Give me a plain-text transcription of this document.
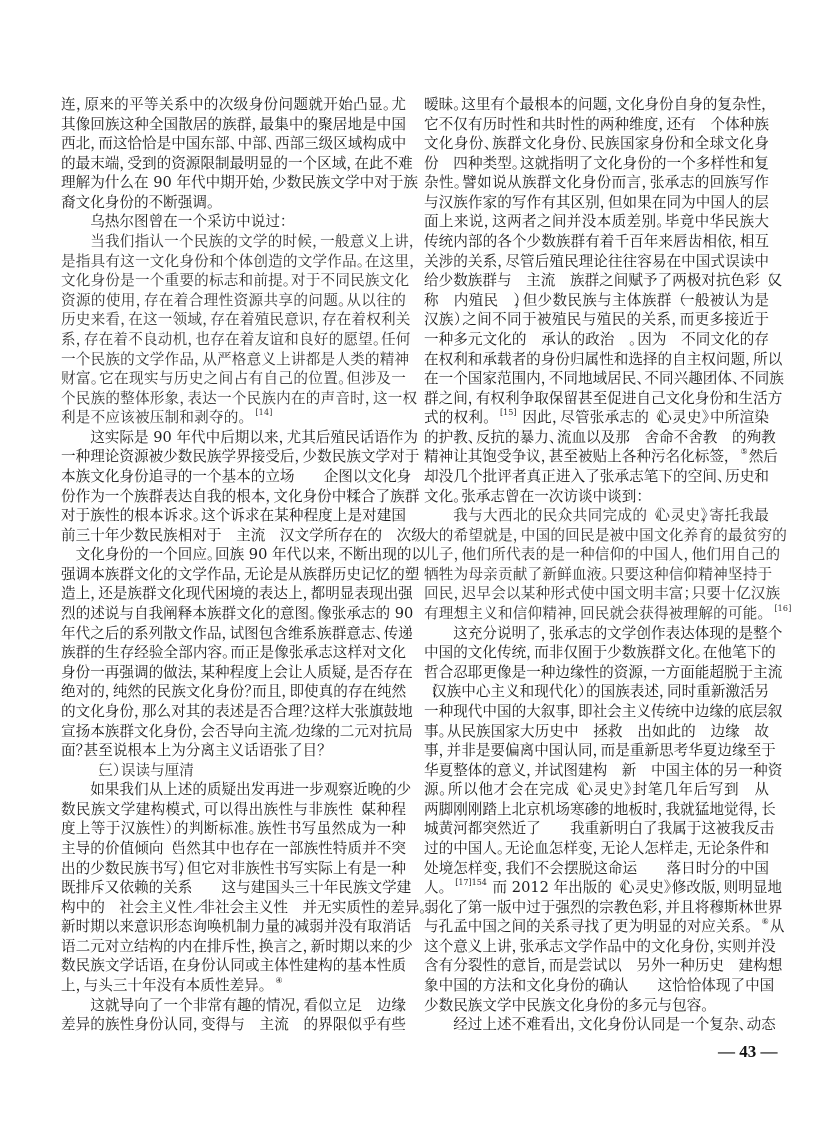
连，原来的平等关系中的次级身份问题就开始凸显。尤
其像回族这种全国散居的族群，最集中的聚居地是中国
西北，而这恰恰是中国东部、中部、西部三级区域构成中
的最末端，受到的资源限制最明显的一个区域，在此不难
理解为什么在 90 年代中期开始，少数民族文学中对于族
裔文化身份的不断强调。
乌热尔图曾在一个采访中说过：
当我们指认一个民族的文学的时候，一般意义上讲，
是指具有这一文化身份和个体创造的文学作品。在这里，
文化身份是一个重要的标志和前提。对于不同民族文化
资源的使用，存在着合理性资源共享的问题。从以往的
历史来看，在这一领域，存在着殖民意识，存在着权利关
系，存在着不良动机，也存在着友谊和良好的愿望。任何
一个民族的文学作品，从严格意义上讲都是人类的精神
财富。它在现实与历史之间占有自己的位置。但涉及一
个民族的整体形象，表达一个民族内在的声音时，这一权
利是不应该被压制和剥夺的。 [14]
这实际是 90 年代中后期以来，尤其后殖民话语作为
一种理论资源被少数民族学界接受后，少数民族文学对于
本族文化身份追寻的一个基本的立场　　企图以文化身
份作为一个族群表达自我的根本，文化身份中糅合了族群
对于族性的根本诉求。这个诉求在某种程度上是对建国
前三十年少数民族相对于　主流　汉文学所存在的　次级
　文化身份的一个回应。回族 90 年代以来，不断出现的以
强调本族群文化的文学作品，无论是从族群历史记忆的塑
造上，还是族群文化现代困境的表达上，都明显表现出强
烈的述说与自我阐释本族群文化的意图。像张承志的 90
年代之后的系列散文作品，试图包含维系族群意志、传递
族群的生存经验全部内容。而正是像张承志这样对文化
身份一再强调的做法，某种程度上会让人质疑，是否存在
绝对的，纯然的民族文化身份？而且，即使真的存在纯然
的文化身份，那么对其的表述是否合理？这样大张旗鼓地
宣扬本族群文化身份，会否导向主流／边缘的二元对抗局
面？甚至说根本上为分离主义话语张了目？
（三）误读与厘清
如果我们从上述的质疑出发再进一步观察近晚的少
数民族文学建构模式，可以得出族性与非族性（某种程
度上等于汉族性）的判断标准。族性书写虽然成为一种
主导的价值倾向（当然其中也存在一部族性特质并不突
出的少数民族书写），但它对非族性书写实际上有是一种
既排斥又依赖的关系　　这与建国头三十年民族文学建
构中的　社会主义性／非社会主义性　并无实质性的差异。
新时期以来意识形态询唤机制力量的减弱并没有取消话
语二元对立结构的内在排斥性，换言之，新时期以来的少
数民族文学话语，在身份认同或主体性建构的基本性质
上，与头三十年没有本质性差异。 ④
这就导向了一个非常有趣的情况，看似立足　边缘
差异的族性身份认同，变得与　主流　的界限似乎有些
暧昧。这里有个最根本的问题，文化身份自身的复杂性，
它不仅有历时性和共时性的两种维度，还有　个体种族
文化身份、族群文化身份、民族国家身份和全球文化身
份　四种类型。这就指明了文化身份的一个多样性和复
杂性。譬如说从族群文化身份而言，张承志的回族写作
与汉族作家的写作有其区别，但如果在同为中国人的层
面上来说，这两者之间并没本质差别。毕竟中华民族大
传统内部的各个少数族群有着千百年来唇齿相依，相互
关涉的关系，尽管后殖民理论往往容易在中国式误读中
给少数族群与　主流　族群之间赋予了两极对抗色彩（又
称　内殖民　），但少数民族与主体族群（一般被认为是
汉族）之间不同于被殖民与殖民的关系，而更多接近于
一种多元文化的　承认的政治　。因为　不同文化的存
在权利和承载者的身份归属性和选择的自主权问题，所以
在一个国家范围内，不同地域居民、不同兴趣团体、不同族
群之间，有权利争取保留甚至促进自己文化身份和生活方
式的权利。 [15] 因此，尽管张承志的《心灵史》中所渲染
的护教、反抗的暴力、流血以及那　舍命不舍教　的殉教
精神让其饱受争议，甚至被贴上各种污名化标签， ⑤然后
却没几个批评者真正进入了张承志笔下的空间、历史和
文化。张承志曾在一次访谈中谈到：
我与大西北的民众共同完成的《心灵史》，寄托我最
大的希望就是，中国的回民是被中国文化养育的最贫穷的
儿子，他们所代表的是一种信仰的中国人，他们用自己的
牺牲为母亲贡献了新鲜血液。只要这种信仰精神坚持于
回民，迟早会以某种形式使中国文明丰富；只要十亿汉族
有理想主义和信仰精神，回民就会获得被理解的可能。 [16]
这充分说明了，张承志的文学创作表达体现的是整个
中国的文化传统，而非仅囿于少数族群文化。在他笔下的
哲合忍耶更像是一种边缘性的资源，一方面能超脱于主流
（汉族中心主义和现代化）的国族表述，同时重新激活另
一种现代中国的大叙事，即社会主义传统中边缘的底层叙
事。从民族国家大历史中　拯救　出如此的　边缘　故
事，并非是要偏离中国认同，而是重新思考华夏边缘至于
华夏整体的意义，并试图建构　新　中国主体的另一种资
源。所以他才会在完成《心灵史》封笔几年后写到　从
两脚刚刚踏上北京机场寒碜的地板时，我就猛地觉得，长
城黄河都突然近了　　我重新明白了我属于这被我反击
过的中国人。无论血怎样变，无论人怎样走，无论条件和
处境怎样变，我们不会摆脱这命运　　落日时分的中国
人。 $^{[17]154}$ 而 2012 年出版的《心灵史》修改版，则明显地
弱化了第一版中过于强烈的宗教色彩，并且将穆斯林世界
与孔孟中国之间的关系寻找了更为明显的对应关系。 ⑥从
这个意义上讲，张承志文学作品中的文化身份，实则并没
含有分裂性的意旨，而是尝试以　另外一种历史　建构想
象中国的方法和文化身份的确认　　这恰恰体现了中国
少数民族文学中民族文化身份的多元与包容。
经过上述不难看出，文化身份认同是一个复杂、动态
— 43 —
